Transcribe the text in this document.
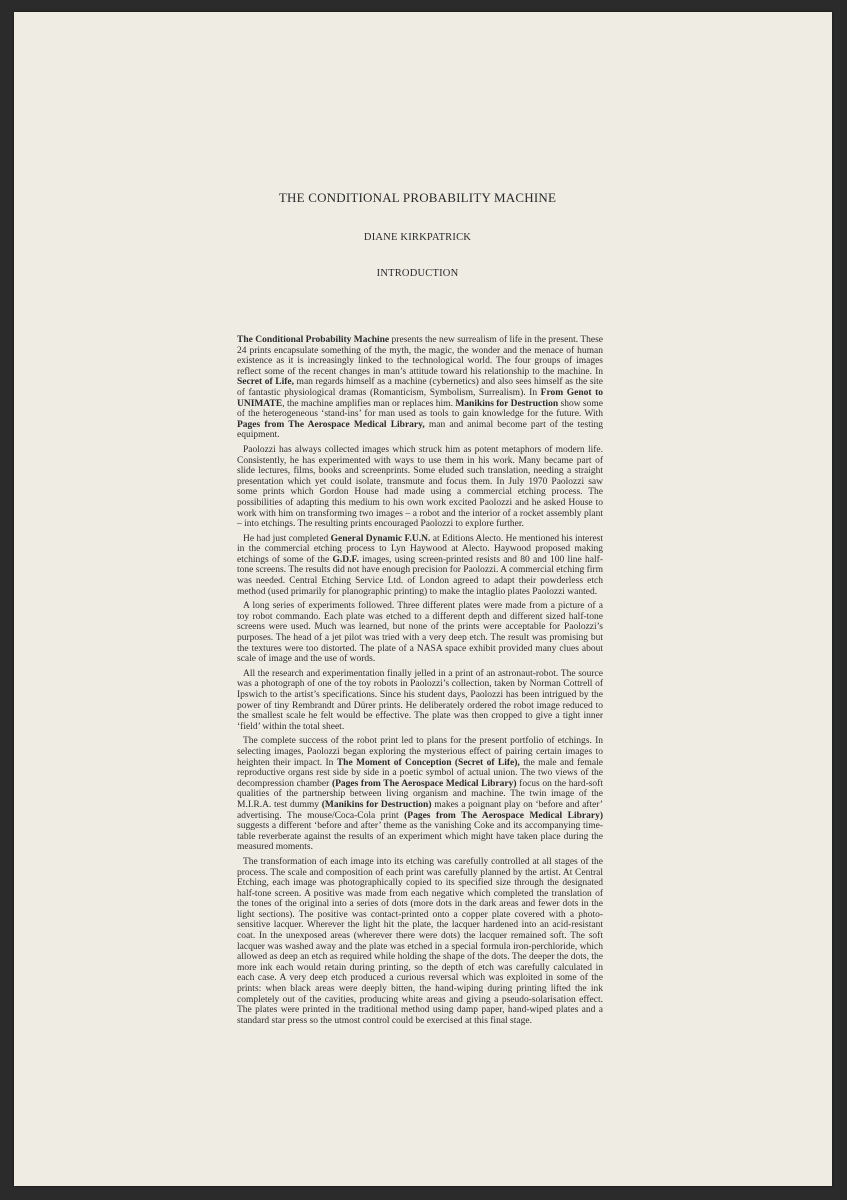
THE CONDITIONAL PROBABILITY MACHINE
DIANE KIRKPATRICK
INTRODUCTION

The Conditional Probability Machine presents the new surrealism of life in the present. These 24 prints encapsulate something of the myth, the magic, the wonder and the menace of human existence as it is increasingly linked to the technological world. The four groups of images reflect some of the recent changes in man’s attitude toward his relationship to the machine. In Secret of Life, man regards himself as a machine (cybernetics) and also sees himself as the site of fantastic physiological dramas (Romanticism, Symbolism, Surrealism). In From Genot to UNIMATE, the machine amplifies man or replaces him. Manikins for Destruction show some of the heterogeneous ‘stand-ins’ for man used as tools to gain knowledge for the future. With Pages from The Aerospace Medical Library, man and animal become part of the testing equipment.

Paolozzi has always collected images which struck him as potent metaphors of modern life. Consistently, he has experimented with ways to use them in his work. Many became part of slide lectures, films, books and screenprints. Some eluded such translation, needing a straight presentation which yet could isolate, transmute and focus them. In July 1970 Paolozzi saw some prints which Gordon House had made using a commercial etching process. The possibilities of adapting this medium to his own work excited Paolozzi and he asked House to work with him on transforming two images – a robot and the interior of a rocket assembly plant – into etchings. The resulting prints encouraged Paolozzi to explore further.

He had just completed General Dynamic F.U.N. at Editions Alecto. He mentioned his interest in the commercial etching process to Lyn Haywood at Alecto. Haywood proposed making etchings of some of the G.D.F. images, using screen-printed resists and 80 and 100 line half-tone screens. The results did not have enough precision for Paolozzi. A commercial etching firm was needed. Central Etching Service Ltd. of London agreed to adapt their powderless etch method (used primarily for planographic printing) to make the intaglio plates Paolozzi wanted.

A long series of experiments followed. Three different plates were made from a picture of a toy robot commando. Each plate was etched to a different depth and different sized half-tone screens were used. Much was learned, but none of the prints were acceptable for Paolozzi’s purposes. The head of a jet pilot was tried with a very deep etch. The result was promising but the textures were too distorted. The plate of a NASA space exhibit provided many clues about scale of image and the use of words.

All the research and experimentation finally jelled in a print of an astronaut-robot. The source was a photograph of one of the toy robots in Paolozzi’s collection, taken by Norman Cottrell of Ipswich to the artist’s specifications. Since his student days, Paolozzi has been intrigued by the power of tiny Rembrandt and Dürer prints. He deliberately ordered the robot image reduced to the smallest scale he felt would be effective. The plate was then cropped to give a tight inner ‘field’ within the total sheet.

The complete success of the robot print led to plans for the present portfolio of etchings. In selecting images, Paolozzi began exploring the mysterious effect of pairing certain images to heighten their impact. In The Moment of Conception (Secret of Life), the male and female reproductive organs rest side by side in a poetic symbol of actual union. The two views of the decompression chamber (Pages from The Aerospace Medical Library) focus on the hard-soft qualities of the partnership between living organism and machine. The twin image of the M.I.R.A. test dummy (Manikins for Destruction) makes a poignant play on ‘before and after’ advertising. The mouse/Coca-Cola print (Pages from The Aerospace Medical Library) suggests a different ‘before and after’ theme as the vanishing Coke and its accompanying time-table reverberate against the results of an experiment which might have taken place during the measured moments.

The transformation of each image into its etching was carefully controlled at all stages of the process. The scale and composition of each print was carefully planned by the artist. At Central Etching, each image was photographically copied to its specified size through the designated half-tone screen. A positive was made from each negative which completed the translation of the tones of the original into a series of dots (more dots in the dark areas and fewer dots in the light sections). The positive was contact-printed onto a copper plate covered with a photo-sensitive lacquer. Wherever the light hit the plate, the lacquer hardened into an acid-resistant coat. In the unexposed areas (wherever there were dots) the lacquer remained soft. The soft lacquer was washed away and the plate was etched in a special formula iron-perchloride, which allowed as deep an etch as required while holding the shape of the dots. The deeper the dots, the more ink each would retain during printing, so the depth of etch was carefully calculated in each case. A very deep etch produced a curious reversal which was exploited in some of the prints: when black areas were deeply bitten, the hand-wiping during printing lifted the ink completely out of the cavities, producing white areas and giving a pseudo-solarisation effect. The plates were printed in the traditional method using damp paper, hand-wiped plates and a standard star press so the utmost control could be exercised at this final stage.
